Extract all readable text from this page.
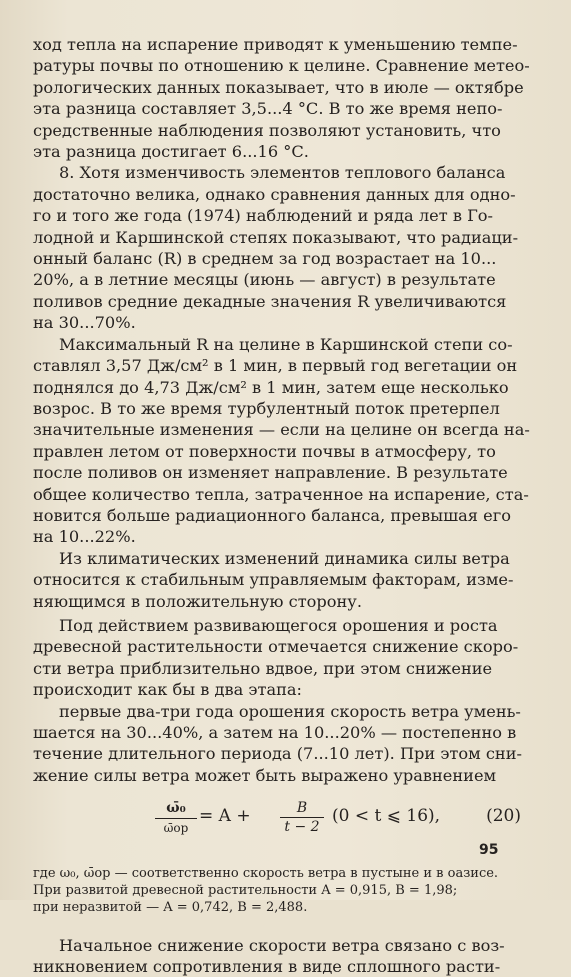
ход тепла на испарение приводят к уменьшению темпе-
ратуры почвы по отношению к целине. Сравнение метео-
рологических данных показывает, что в июле — октябре
эта разница составляет 3,5...4 °С. В то же время непо-
средственные наблюдения позволяют установить, что
эта разница достигает 6...16 °С.

8. Хотя изменчивость элементов теплового баланса
достаточно велика, однако сравнения данных для одно-
го и того же года (1974) наблюдений и ряда лет в Го-
лодной и Каршинской степях показывают, что радиаци-
онный баланс (R) в среднем за год возрастает на 10...
20%, а в летние месяцы (июнь — август) в результате
поливов средние декадные значения R увеличиваются
на 30...70%.

Максимальный R на целине в Каршинской степи со-
ставлял 3,57 Дж/см² в 1 мин, в первый год вегетации он
поднялся до 4,73 Дж/см² в 1 мин, затем еще несколько
возрос. В то же время турбулентный поток претерпел
значительные изменения — если на целине он всегда на-
правлен летом от поверхности почвы в атмосферу, то
после поливов он изменяет направление. В результате
общее количество тепла, затраченное на испарение, ста-
новится больше радиационного баланса, превышая его
на 10...22%.

Из климатических изменений динамика силы ветра
относится к стабильным управляемым факторам, изме-
няющимся в положительную сторону.

Под действием развивающегося орошения и роста
древесной растительности отмечается снижение скоро-
сти ветра приблизительно вдвое, при этом снижение
происходит как бы в два этапа:

первые два-три года орошения скорость ветра умень-
шается на 30...40%, а затем на 10...20% — постепенно в
течение длительного периода (7...10 лет). При этом сни-
жение силы ветра может быть выражено уравнением

ω̄₀
ω̄ор
= $A + \frac{B}{t - 2} (0 < t$ ⩽ 16),	(20)

где ω₀, ω̄ор — соответственно скорость ветра в пустыне и в оазисе.
При развитой древесной растительности A = 0,915, B = 1,98;
при неразвитой — A = 0,742, B = 2,488.

Начальное снижение скорости ветра связано с воз-
никновением сопротивления в виде сплошного расти-

95
